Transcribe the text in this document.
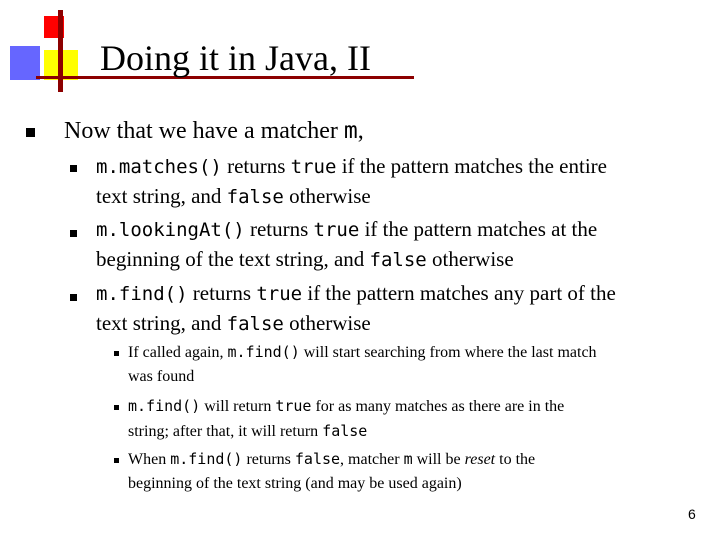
Doing it in Java, II
Now that we have a matcher m,
m.matches() returns true if the pattern matches the entire
text string, and false otherwise
m.lookingAt() returns true if the pattern matches at the
beginning of the text string, and false otherwise
m.find() returns true if the pattern matches any part of the
text string, and false otherwise
If called again, m.find() will start searching from where the last match
was found
m.find() will return true for as many matches as there are in the
string; after that, it will return false
When m.find() returns false, matcher m will be reset to the
beginning of the text string (and may be used again)
6
